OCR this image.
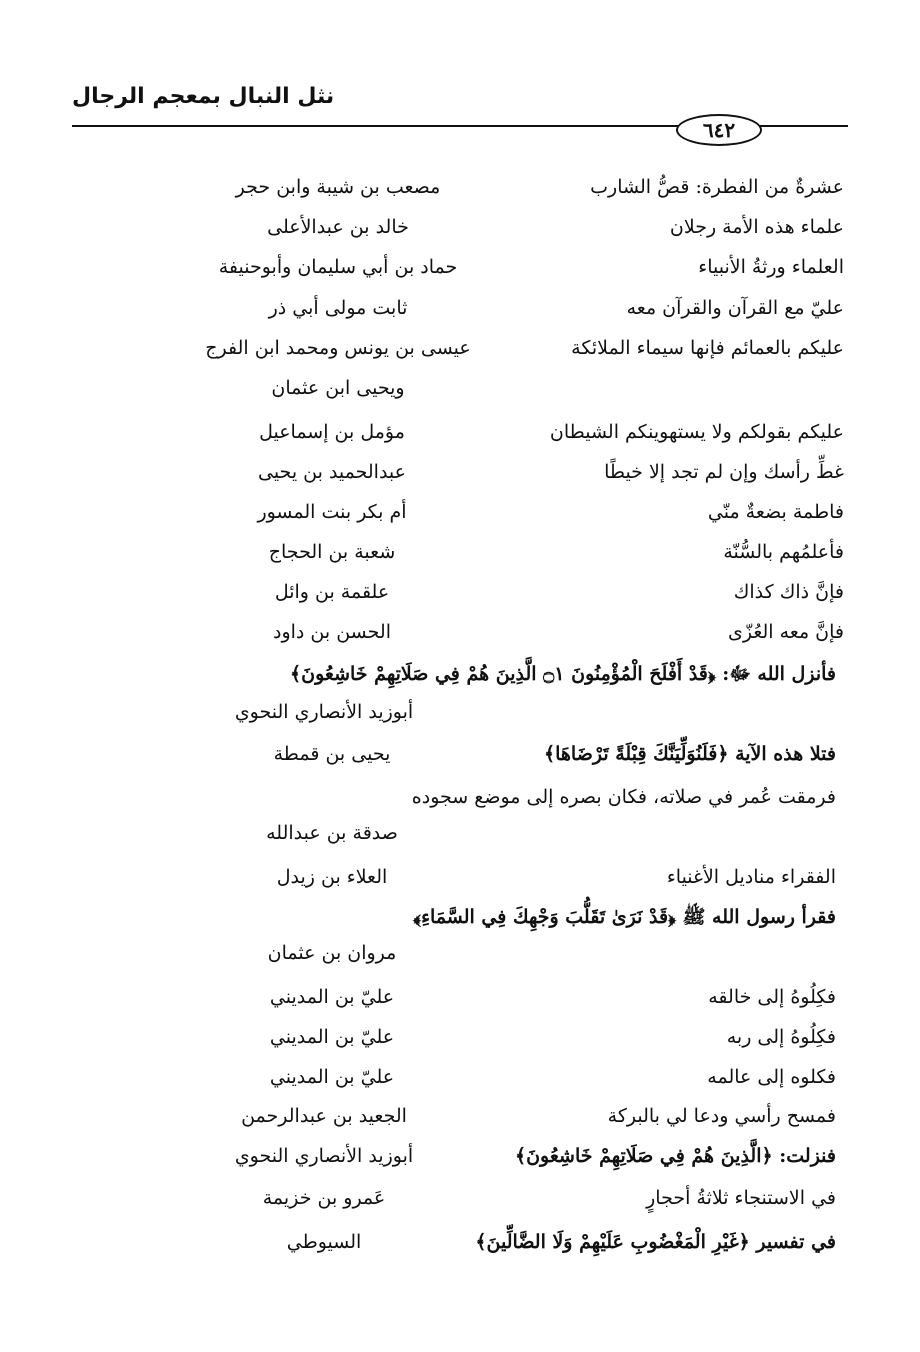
نثل النبال بمعجم الرجال
٦٤٢
عشرةٌ من الفطرة: قصُّ الشارب
مصعب بن شيبة وابن حجر
علماء هذه الأمة رجلان
خالد بن عبدالأعلى
العلماء ورثةُ الأنبياء
حماد بن أبي سليمان وأبوحنيفة
عليّ مع القرآن والقرآن معه
ثابت مولى أبي ذر
عليكم بالعمائم فإنها سيماء الملائكة
عيسى بن يونس ومحمد ابن الفرج
ويحيى ابن عثمان
عليكم بقولكم ولا يستهوينكم الشيطان
مؤمل بن إسماعيل
غطِّ رأسك وإن لم تجد إلا خيطًا
عبدالحميد بن يحيى
فاطمة بضعةٌ منّي
أم بكر بنت المسور
فأعلمُهم بالسُّنّة
شعبة بن الحجاج
فإنَّ ذاك كذاك
علقمة بن وائل
فإنَّ معه العُزّى
الحسن بن داود
فأنزل الله ﷻ: ﴿قَدْ أَفْلَحَ الْمُؤْمِنُونَ ۝١ الَّذِينَ هُمْ فِي صَلَاتِهِمْ خَاشِعُونَ﴾
أبوزيد الأنصاري النحوي
فتلا هذه الآية ﴿فَلَنُوَلِّيَنَّكَ قِبْلَةً تَرْضَاهَا﴾
يحيى بن قمطة
فرمقت عُمر في صلاته، فكان بصره إلى موضع سجوده
صدقة بن عبدالله
الفقراء مناديل الأغنياء
العلاء بن زيدل
فقرأ رسول الله ﷺ ﴿قَدْ نَرَىٰ تَقَلُّبَ وَجْهِكَ فِي السَّمَاءِ﴾
مروان بن عثمان
فكِلُوهُ إلى خالقه
عليّ بن المديني
فكِلُوهُ إلى ربه
عليّ بن المديني
فكلوه إلى عالمه
عليّ بن المديني
فمسح رأسي ودعا لي بالبركة
الجعيد بن عبدالرحمن
فنزلت: ﴿الَّذِينَ هُمْ فِي صَلَاتِهِمْ خَاشِعُونَ﴾
أبوزيد الأنصاري النحوي
في الاستنجاء ثلاثةُ أحجارٍ
عَمرو بن خزيمة
في تفسير ﴿غَيْرِ الْمَغْضُوبِ عَلَيْهِمْ وَلَا الضَّالِّينَ﴾
السيوطي
